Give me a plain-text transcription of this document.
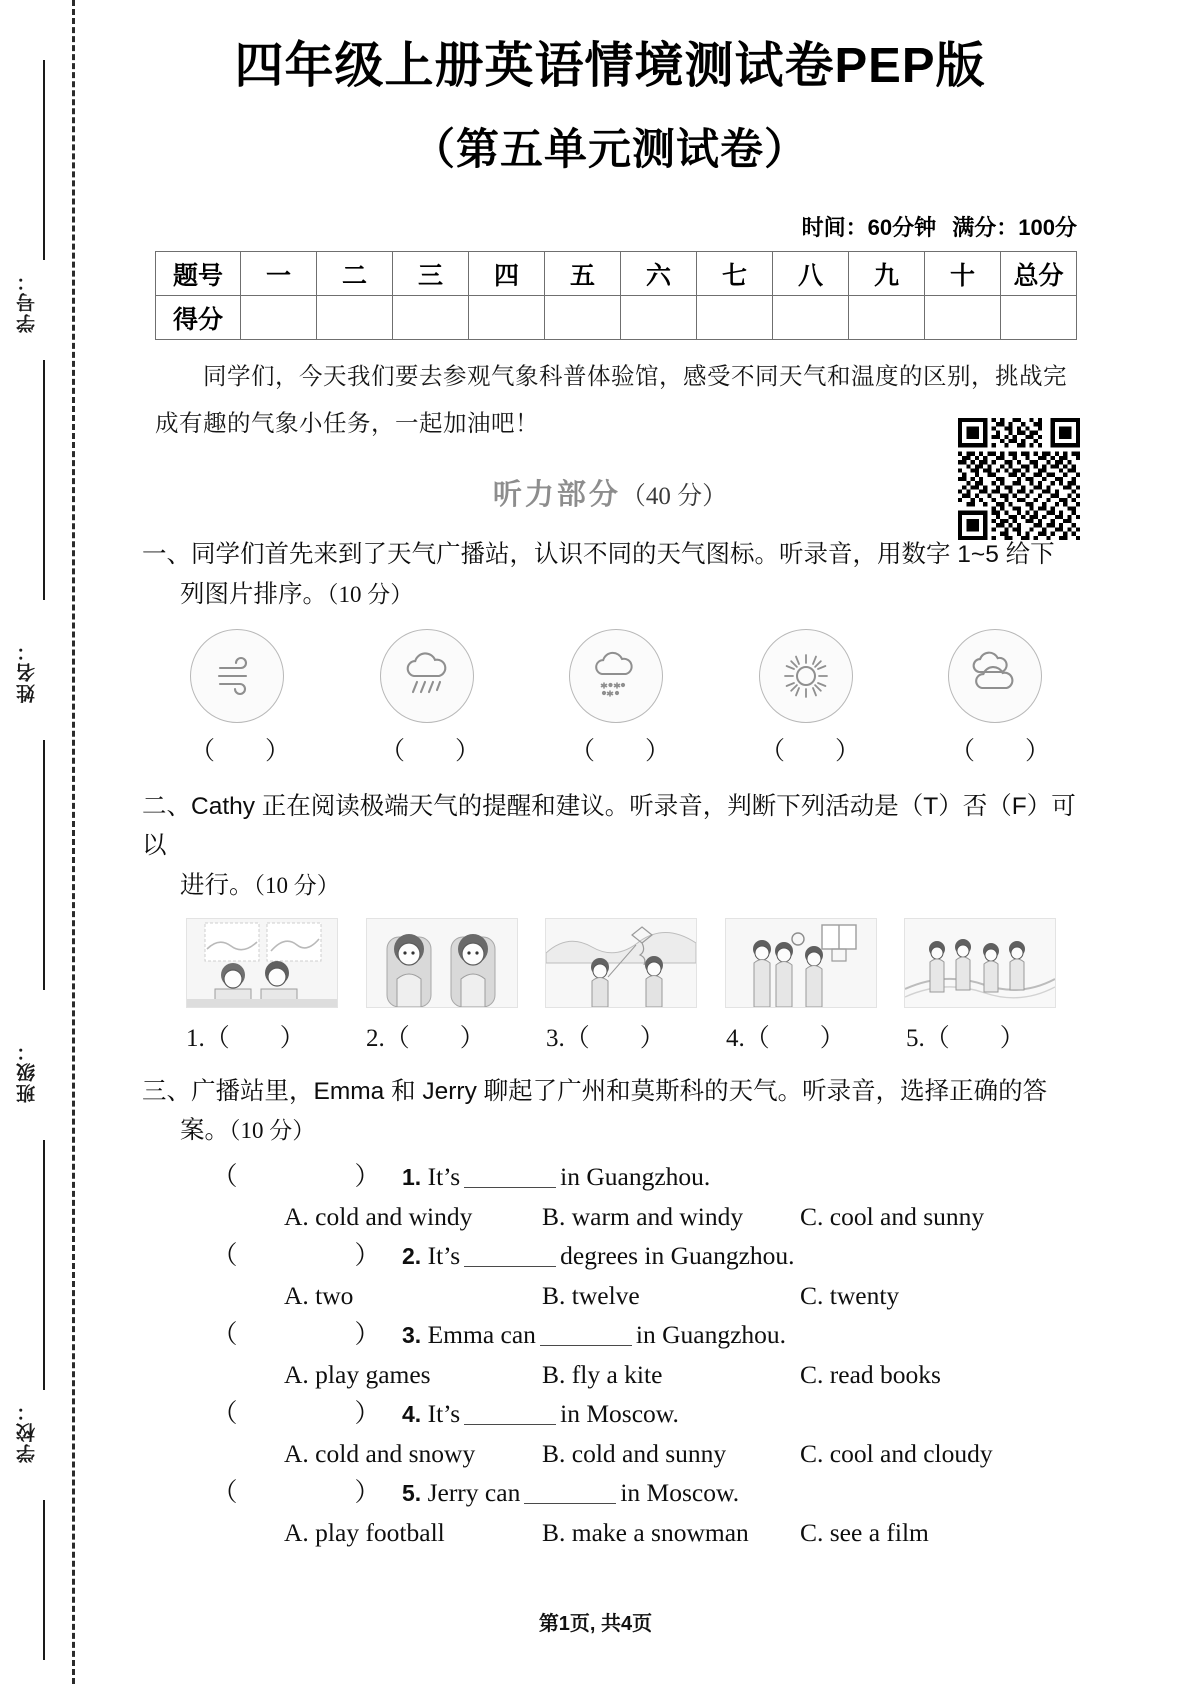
学号：
姓名：
班级：
学校：
四年级上册英语情境测试卷PEP版
（第五单元测试卷）
时间：60分钟 满分：100分
题号	一	二	三	四	五	六	七	八	九	十	总分
得分											

同学们，今天我们要去参观气象科普体验馆，感受不同天气和温度的区别，挑战完成有趣的气象小任务，一起加油吧！

听力部分（40 分）
一、同学们首先来到了天气广播站，认识不同的天气图标。听录音，用数字 1~5 给下
列图片排序。（10 分）
（　　）	（　　）	（　　）	（　　）	（　　）
二、Cathy 正在阅读极端天气的提醒和建议。听录音，判断下列活动是（T）否（F）可以
进行。（10 分）
1.（　　）	2.（　　）	3.（　　）	4.（　　）	5.（　　）
三、广播站里，Emma 和 Jerry 聊起了广州和莫斯科的天气。听录音，选择正确的答
案。（10 分）
（　　）1. It’s	in Guangzhou.
A. cold and windy	B. warm and windy	C. cool and sunny
（　　）2. It’s	degrees in Guangzhou.
A. two	B. twelve	C. twenty
（　　）3. Emma can	in Guangzhou.
A. play games	B. fly a kite	C. read books
（　　）4. It’s	in Moscow.
A. cold and snowy	B. cold and sunny	C. cool and cloudy
（　　）5. Jerry can	in Moscow.
A. play football	B. make a snowman	C. see a film
第1页, 共4页
